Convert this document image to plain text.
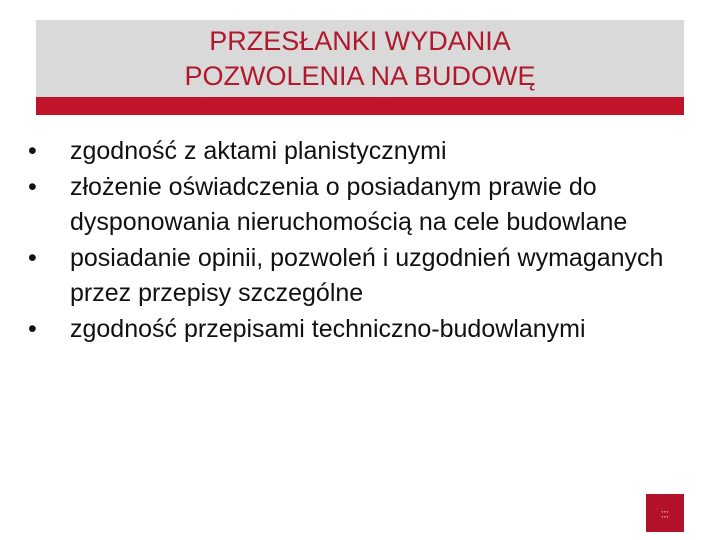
PRZESŁANKI WYDANIA
POZWOLENIA NA BUDOWĘ
•	zgodność z aktami planistycznymi
•	złożenie oświadczenia o posiadanym prawie do dysponowania nieruchomością na cele budowlane
•	posiadanie opinii, pozwoleń i uzgodnień wymaganych przez przepisy szczególne
•	zgodność przepisami techniczno-budowlanymi
▪ ▪ ▪
▪ ▪ ▪
